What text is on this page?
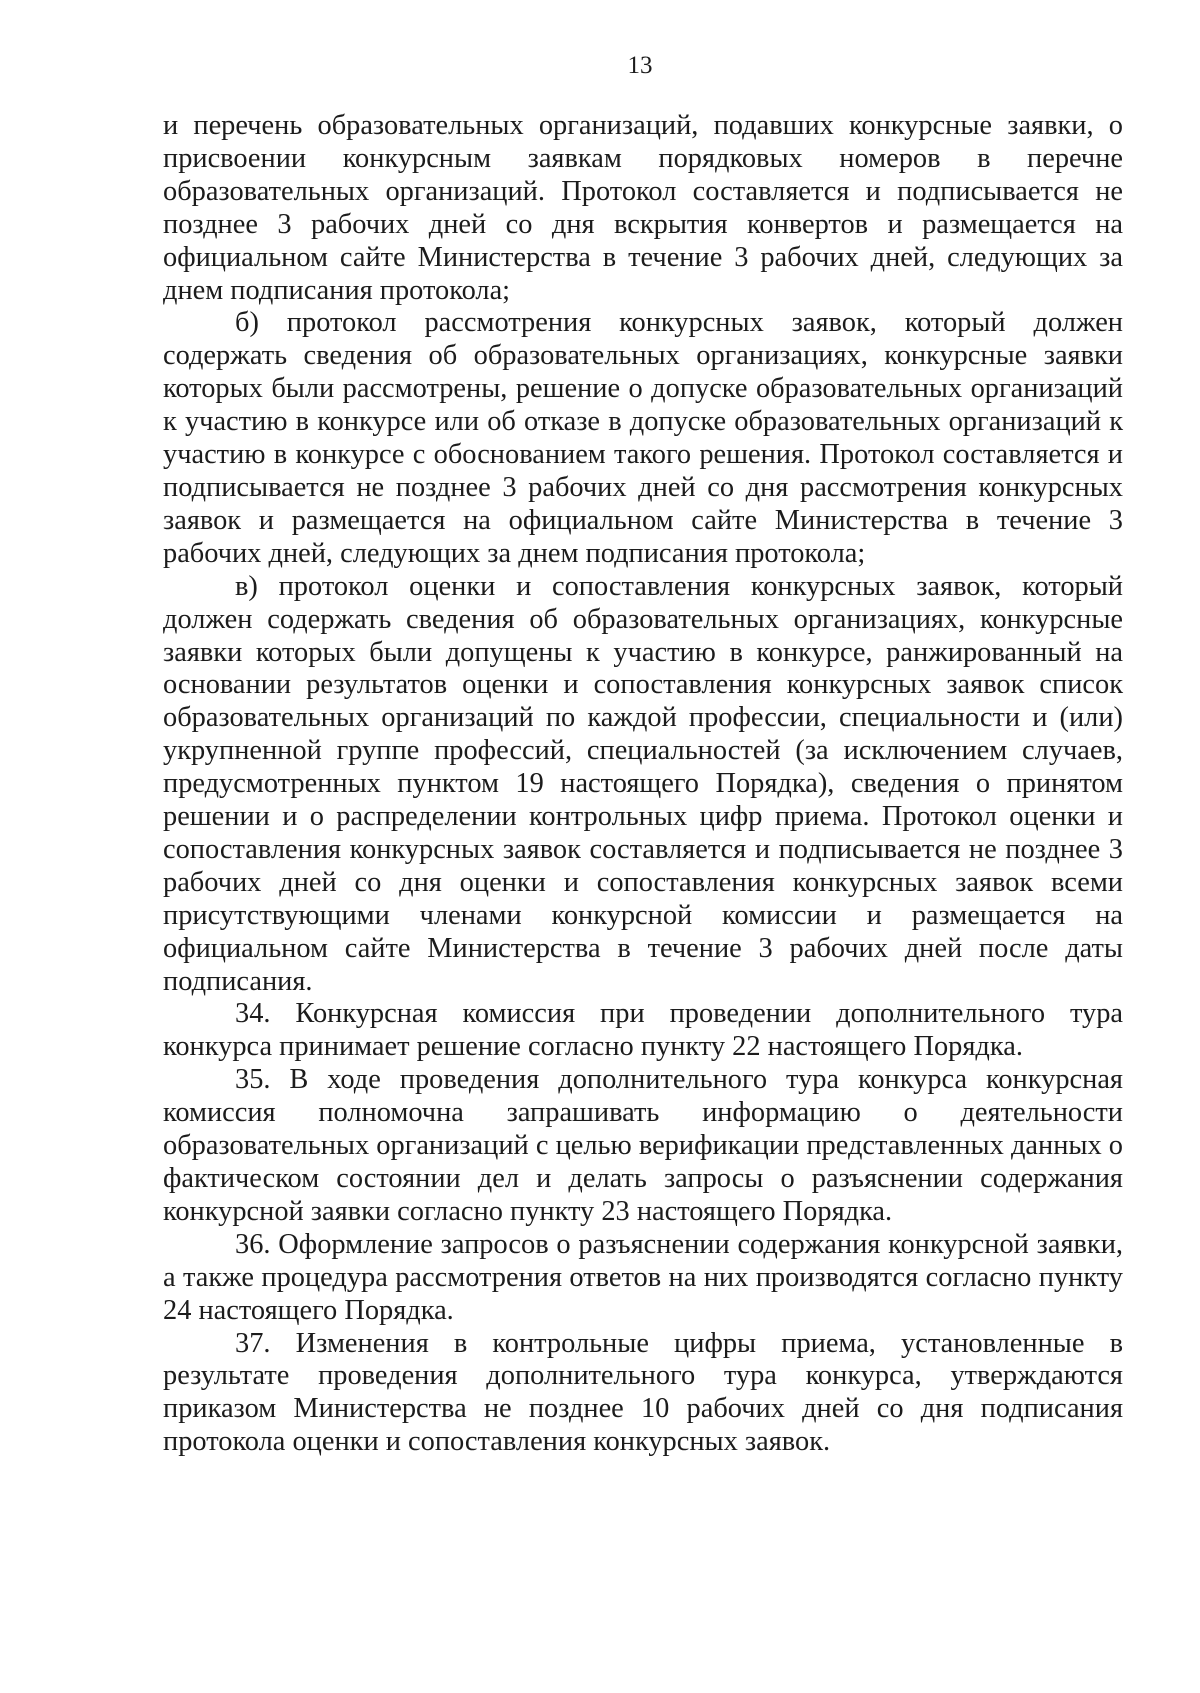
13

и перечень образовательных организаций, подавших конкурсные заявки, о присвоении конкурсным заявкам порядковых номеров в перечне образовательных организаций. Протокол составляется и подписывается не позднее 3 рабочих дней со дня вскрытия конвертов и размещается на официальном сайте Министерства в течение 3 рабочих дней, следующих за днем подписания протокола;

б) протокол рассмотрения конкурсных заявок, который должен содержать сведения об образовательных организациях, конкурсные заявки которых были рассмотрены, решение о допуске образовательных организаций к участию в конкурсе или об отказе в допуске образовательных организаций к участию в конкурсе с обоснованием такого решения. Протокол составляется и подписывается не позднее 3 рабочих дней со дня рассмотрения конкурсных заявок и размещается на официальном сайте Министерства в течение 3 рабочих дней, следующих за днем подписания протокола;

в) протокол оценки и сопоставления конкурсных заявок, который должен содержать сведения об образовательных организациях, конкурсные заявки которых были допущены к участию в конкурсе, ранжированный на основании результатов оценки и сопоставления конкурсных заявок список образовательных организаций по каждой профессии, специальности и (или) укрупненной группе профессий, специальностей (за исключением случаев, предусмотренных пунктом 19 настоящего Порядка), сведения о принятом решении и о распределении контрольных цифр приема. Протокол оценки и сопоставления конкурсных заявок составляется и подписывается не позднее 3 рабочих дней со дня оценки и сопоставления конкурсных заявок всеми присутствующими членами конкурсной комиссии и размещается на официальном сайте Министерства в течение 3 рабочих дней после даты подписания.

34. Конкурсная комиссия при проведении дополнительного тура конкурса принимает решение согласно пункту 22 настоящего Порядка.

35. В ходе проведения дополнительного тура конкурса конкурсная комиссия полномочна запрашивать информацию о деятельности образовательных организаций с целью верификации представленных данных о фактическом состоянии дел и делать запросы о разъяснении содержания конкурсной заявки согласно пункту 23 настоящего Порядка.

36. Оформление запросов о разъяснении содержания конкурсной заявки, а также процедура рассмотрения ответов на них производятся согласно пункту 24 настоящего Порядка.

37. Изменения в контрольные цифры приема, установленные в результате проведения дополнительного тура конкурса, утверждаются приказом Министерства не позднее 10 рабочих дней со дня подписания протокола оценки и сопоставления конкурсных заявок.
